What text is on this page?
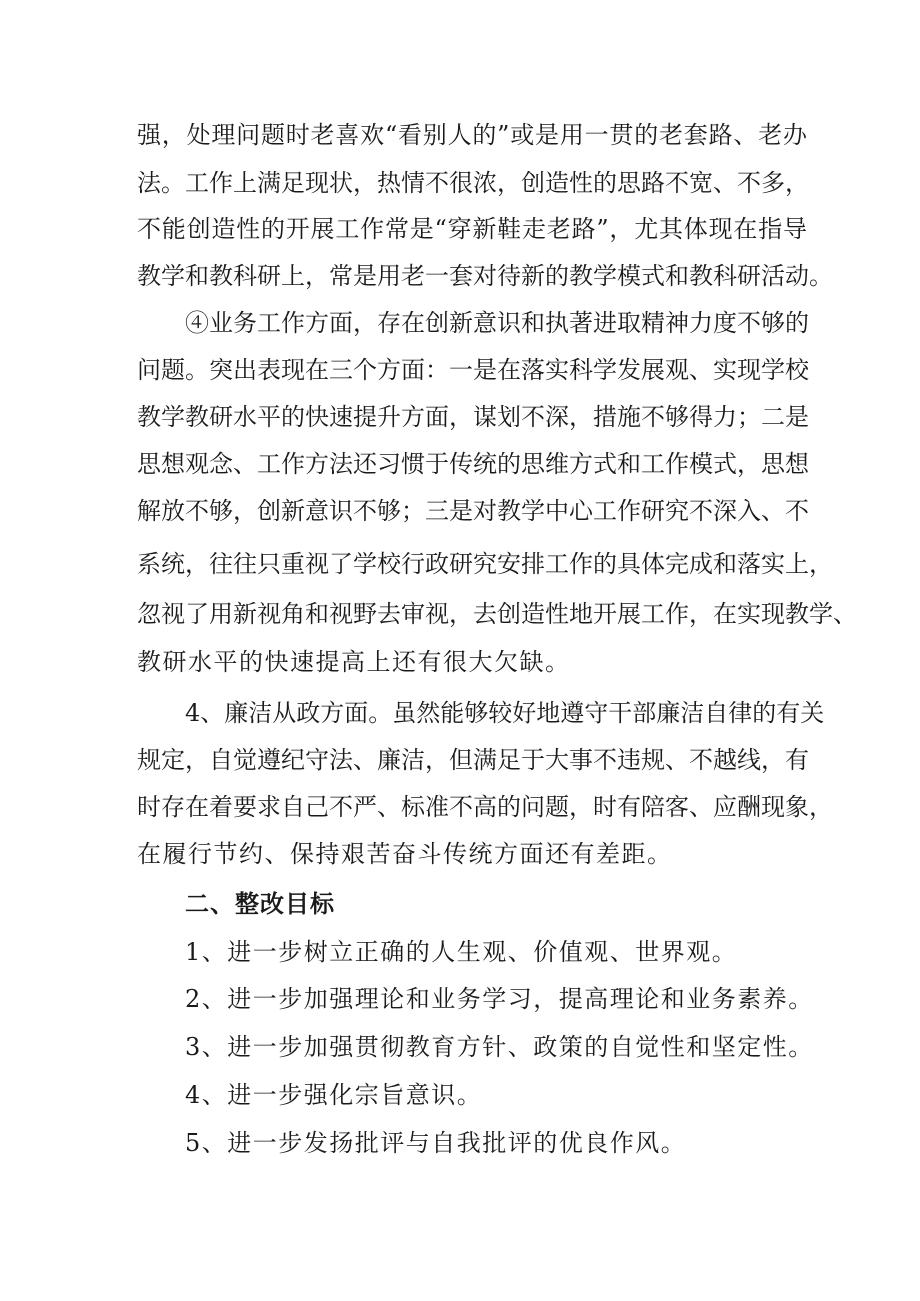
强，处理问题时老喜欢“看别人的”或是用一贯的老套路、老办
法。工作上满足现状，热情不很浓，创造性的思路不宽、不多，
不能创造性的开展工作常是“穿新鞋走老路”，尤其体现在指导
教学和教科研上，常是用老一套对待新的教学模式和教科研活动。
④业务工作方面，存在创新意识和执著进取精神力度不够的
问题。突出表现在三个方面：一是在落实科学发展观、实现学校
教学教研水平的快速提升方面，谋划不深，措施不够得力；二是
思想观念、工作方法还习惯于传统的思维方式和工作模式，思想
解放不够，创新意识不够；三是对教学中心工作研究不深入、不
系统，往往只重视了学校行政研究安排工作的具体完成和落实上，
忽视了用新视角和视野去审视，去创造性地开展工作，在实现教学、
教研水平的快速提高上还有很大欠缺。
4、廉洁从政方面。虽然能够较好地遵守干部廉洁自律的有关
规定，自觉遵纪守法、廉洁，但满足于大事不违规、不越线，有
时存在着要求自己不严、标准不高的问题，时有陪客、应酬现象，
在履行节约、保持艰苦奋斗传统方面还有差距。
二、整改目标
1、进一步树立正确的人生观、价值观、世界观。
2、进一步加强理论和业务学习，提高理论和业务素养。
3、进一步加强贯彻教育方针、政策的自觉性和坚定性。
4、进一步强化宗旨意识。
5、进一步发扬批评与自我批评的优良作风。
